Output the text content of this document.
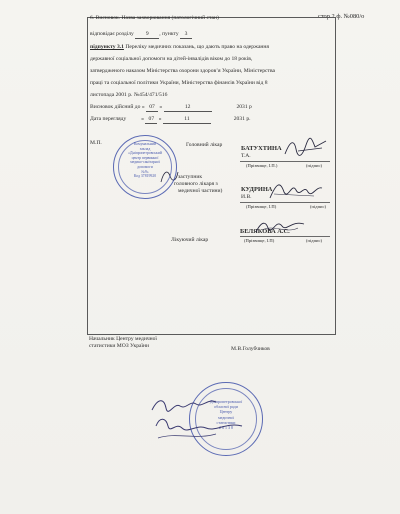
стор.2 ф. №080/о
6. Висновок. Назва захворювання (патологічний стан)
відповідає розділу 9 , пункту 3
підпункту 3.1 Переліку медичних показань, що дають право на одержання
державної соціальної допомоги на дітей-інвалідів віком до 18 років,
затвердженого наказом Міністерства охорони здоров’я України, Міністерства
праці та соціальної політики України, Міністерства фінансів України від 8
листопада 2001 р. №454/471/516
Висновок дійсний до « 07 »	12	2031 р
Дата перегляду	« 07 »	11	2031 р.
М.П.	Головний лікар
заступник
головного лікаря з
медичної частини)
Лікуючий лікар
БАТУХТИНА
Т.А.
(Прізвище, І.П.)	(підпис)
КУДРИНА
И.В.
(Прізвище, І.П)	(підпис)
БЕЛЯКОВА А.С.
(Прізвище, І.П)	(підпис)
Комунальний
заклад
«Дніпропетровський
центр первинної
медико-санітарної
допомоги
№9»
Код 37819920
Начальник Центру медичної
статистики МОЗ України	М.В.Голубчиков
Дніпропетровської
обласної ради
Центру
медичної
статистики
2 6 1 3 8
